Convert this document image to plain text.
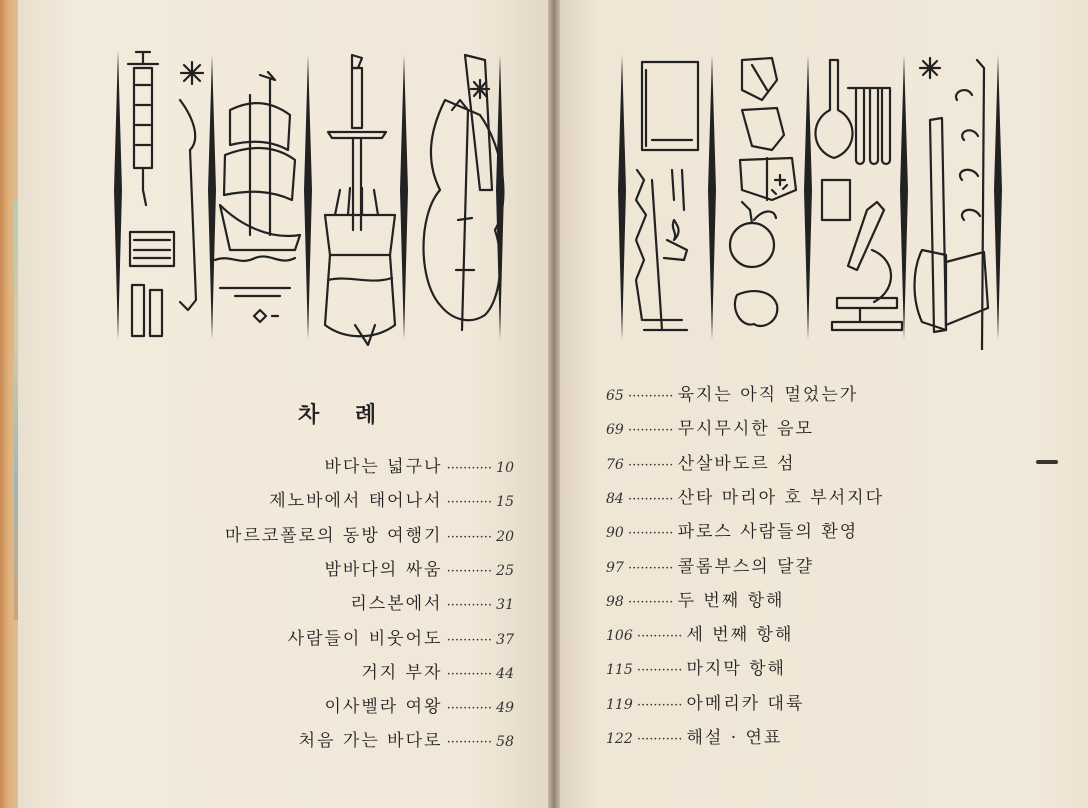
차 례
바다는 넓구나 ··········· 10
제노바에서 태어나서 ··········· 15
마르코폴로의 동방 여행기 ··········· 20
밤바다의 싸움 ··········· 25
리스본에서 ··········· 31
사람들이 비웃어도 ··········· 37
거지 부자 ··········· 44
이사벨라 여왕 ··········· 49
처음 가는 바다로 ··········· 58
65 ··········· 육지는 아직 멀었는가
69 ··········· 무시무시한 음모
76 ··········· 산살바도르 섬
84 ··········· 산타 마리아 호 부서지다
90 ··········· 파로스 사람들의 환영
97 ··········· 콜롬부스의 달걀
98 ··········· 두 번째 항해
106 ··········· 세 번째 항해
115 ··········· 마지막 항해
119 ··········· 아메리카 대륙
122 ··········· 해설 · 연표
